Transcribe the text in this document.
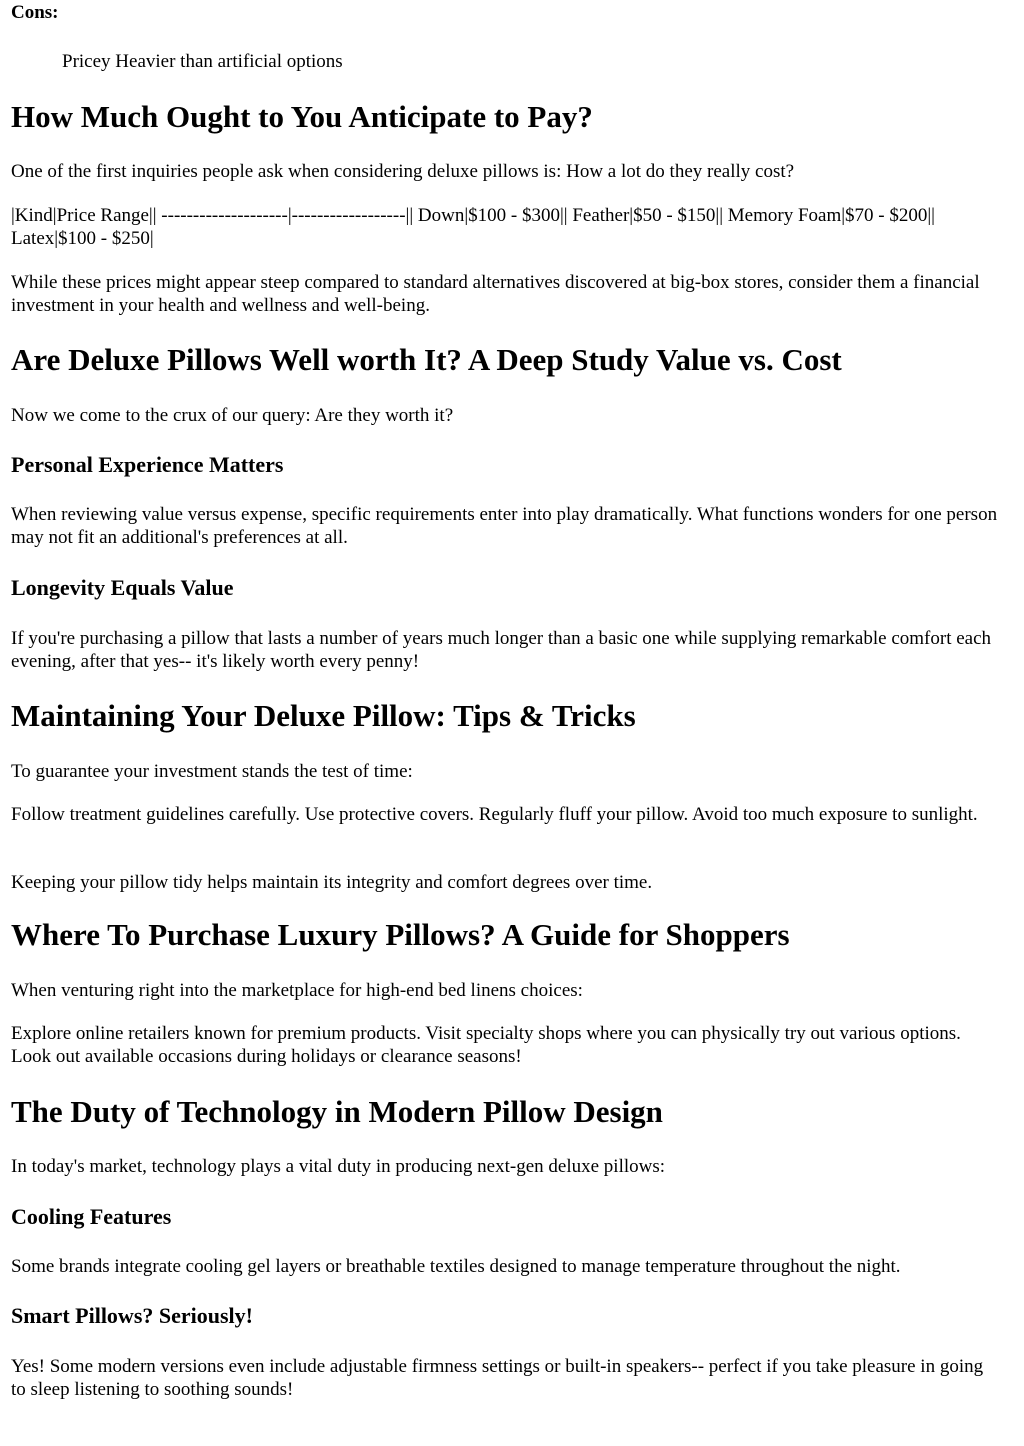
Cons:

Pricey Heavier than artificial options

How Much Ought to You Anticipate to Pay?

One of the first inquiries people ask when considering deluxe pillows is: How a lot do they really cost?

|Kind|Price Range|| --------------------|------------------|| Down|$100 - $300|| Feather|$50 - $150|| Memory Foam|$70 - $200|| Latex|$100 - $250|

While these prices might appear steep compared to standard alternatives discovered at big-box stores, consider them a financial investment in your health and wellness and well-being.

Are Deluxe Pillows Well worth It? A Deep Study Value vs. Cost

Now we come to the crux of our query: Are they worth it?

Personal Experience Matters

When reviewing value versus expense, specific requirements enter into play dramatically. What functions wonders for one person may not fit an additional's preferences at all.

Longevity Equals Value

If you're purchasing a pillow that lasts a number of years much longer than a basic one while supplying remarkable comfort each evening, after that yes-- it's likely worth every penny!

Maintaining Your Deluxe Pillow: Tips & Tricks

To guarantee your investment stands the test of time:

Follow treatment guidelines carefully. Use protective covers. Regularly fluff your pillow. Avoid too much exposure to sunlight.

Keeping your pillow tidy helps maintain its integrity and comfort degrees over time.

Where To Purchase Luxury Pillows? A Guide for Shoppers

When venturing right into the marketplace for high-end bed linens choices:

Explore online retailers known for premium products. Visit specialty shops where you can physically try out various options. Look out available occasions during holidays or clearance seasons!

The Duty of Technology in Modern Pillow Design

In today's market, technology plays a vital duty in producing next-gen deluxe pillows:

Cooling Features

Some brands integrate cooling gel layers or breathable textiles designed to manage temperature throughout the night.

Smart Pillows? Seriously!

Yes! Some modern versions even include adjustable firmness settings or built-in speakers-- perfect if you take pleasure in going to sleep listening to soothing sounds!
